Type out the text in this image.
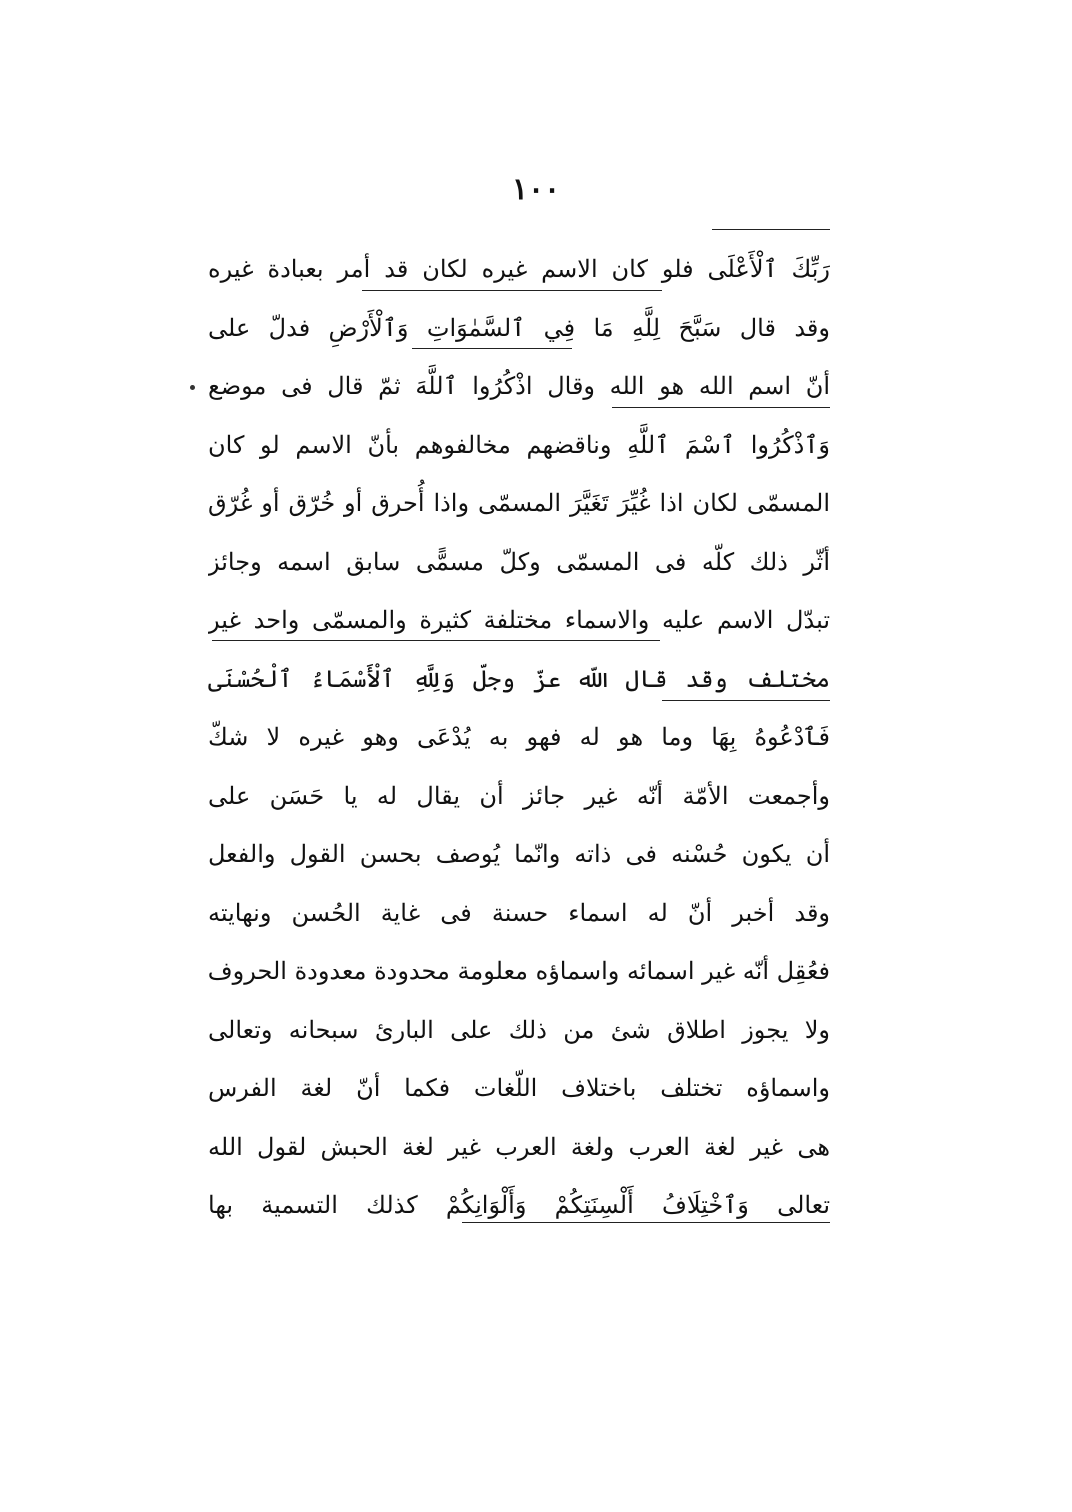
١٠٠
رَبِّكَ ٱلْأَعْلَى فلو كان الاسم غيره لكان قد أمر بعبادة غيره
وقد قال سَبَّحَ لِلَّهِ مَا فِي ٱلسَّمٰوَاتِ وَٱلْأَرْضِ فدلّ على
أنّ اسم الله هو الله وقال اذْكُرُوا ٱللَّهَ ثمّ قال فى موضع
وَٱذْكُرُوا ٱسْمَ ٱللَّهِ وناقضهم مخالفوهم بأنّ الاسم لو كان
المسمّى لكان اذا غُيِّرَ تَغَيَّرَ المسمّى واذا أُحرق أو خُرّق أو غُرّق
أثّر ذلك كلّه فى المسمّى وكلّ مسمًّى سابق اسمه وجائز
تبدّل الاسم عليه والاسماء مختلفة كثيرة والمسمّى واحد غير
مختلف وقد قال اللّه عزّ وجلّ وَلِلَّهِ ٱلْأَسْمَاءُ ٱلْحُسْنَى
فَٱدْعُوهُ بِهَا وما هو له فهو به يُدْعَى وهو غيره لا شكّ
وأجمعت الأمّة أنّه غير جائز أن يقال له يا حَسَن على
أن يكون حُسْنه فى ذاته وانّما يُوصف بحسن القول والفعل
وقد أخبر أنّ له اسماء حسنة فى غاية الحُسن ونهايته
فعُقِل أنّه غير اسمائه واسماؤه معلومة محدودة معدودة الحروف
ولا يجوز اطلاق شئ من ذلك على البارئ سبحانه وتعالى
واسماؤه تختلف باختلاف اللّغات فكما أنّ لغة الفرس
هى غير لغة العرب ولغة العرب غير لغة الحبش لقول الله
تعالى وَٱخْتِلَافُ أَلْسِنَتِكُمْ وَأَلْوَانِكُمْ كذلك التسمية بها
